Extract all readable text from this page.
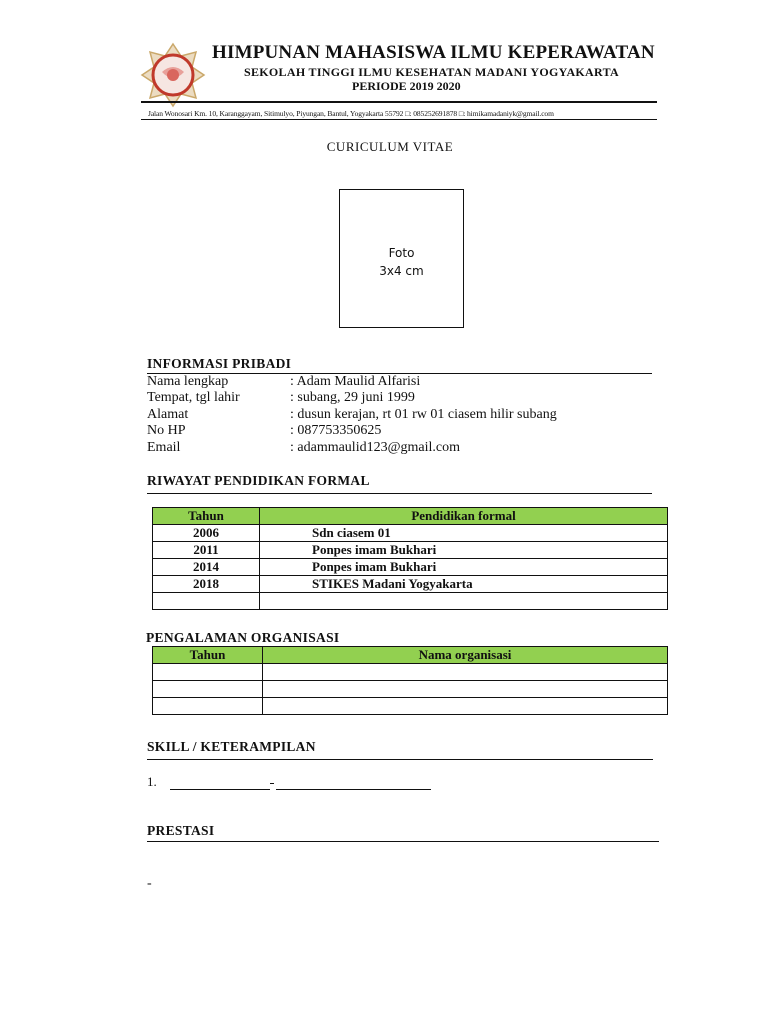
HIMPUNAN MAHASISWA ILMU KEPERAWATAN
SEKOLAH TINGGI ILMU KESEHATAN MADANI YOGYAKARTA
PERIODE 2019 2020
Jalan Wonosari Km. 10, Karanggayam, Sitimulyo, Piyungan, Bantul, Yogyakarta 55792 □: 085252691878 □: himikamadaniyk@gmail.com
CURICULUM VITAE
Foto
3x4 cm
INFORMASI PRIBADI
Nama lengkap	: Adam Maulid Alfarisi
Tempat, tgl lahir	: subang, 29 juni 1999
Alamat	: dusun kerajan, rt 01 rw 01 ciasem hilir subang
No HP	: 087753350625
Email	: adammaulid123@gmail.com
RIWAYAT PENDIDIKAN FORMAL
Tahun	Pendidikan formal
2006	Sdn ciasem 01
2011	Ponpes imam Bukhari
2014	Ponpes imam Bukhari
2018	STIKES Madani Yogyakarta

PENGALAMAN ORGANISASI
Tahun	Nama organisasi

SKILL / KETERAMPILAN
1.
PRESTASI
-
